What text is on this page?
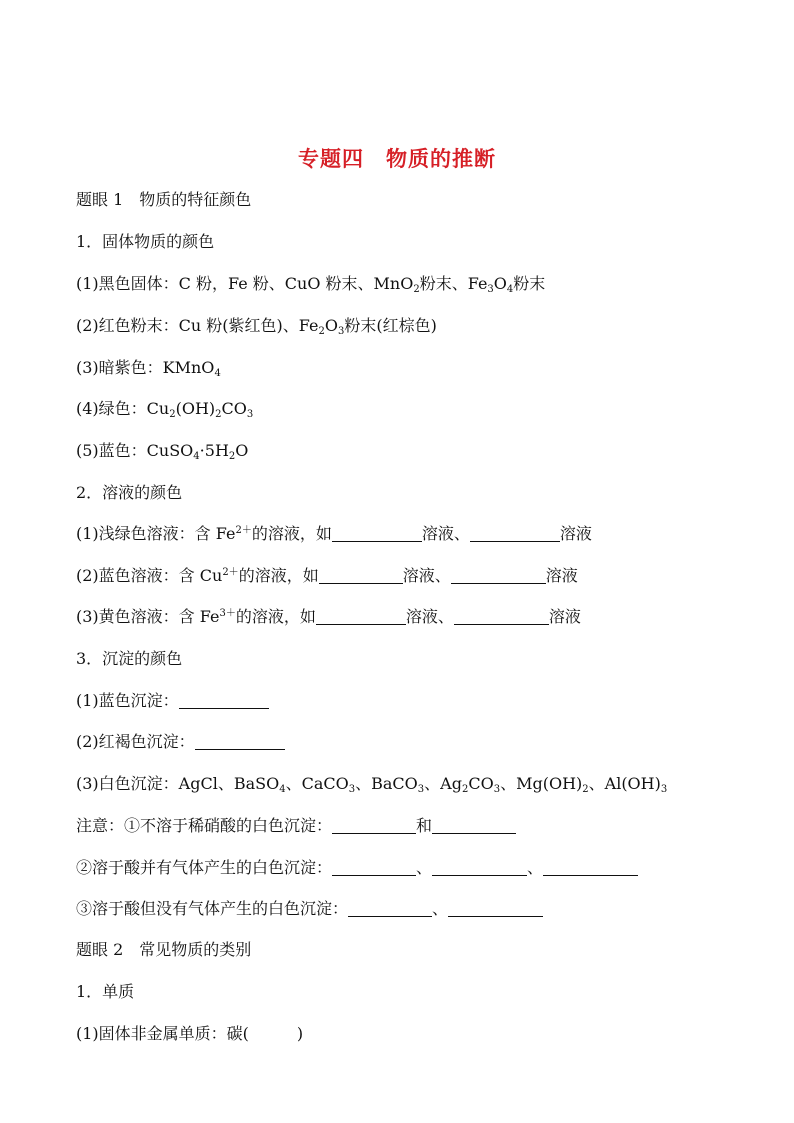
专题四　物质的推断
题眼 1　物质的特征颜色
1．固体物质的颜色
(1)黑色固体：C 粉，Fe 粉、CuO 粉末、MnO$_2$粉末、$Fe_3O_4$粉末
(2)红色粉末：Cu 粉(紫红色)、$Fe_2O_3$粉末(红棕色)
(3)暗紫色：KMnO$_4$
(4)绿色：$Cu_2(OH)_2CO_3$
(5)蓝色：$CuSO_4\cdot 5H_2O$
2．溶液的颜色
(1)浅绿色溶液：含 $Fe^{2+}$的溶液，如	溶液、	溶液
(2)蓝色溶液：含 $Cu^{2+}$的溶液，如	溶液、	溶液
(3)黄色溶液：含 $Fe^{3+}$的溶液，如	溶液、	溶液
3．沉淀的颜色
(1)蓝色沉淀：
(2)红褐色沉淀：
(3)白色沉淀：AgCl、BaSO$_4$、CaCO$_3$、BaCO$_3$、$Ag_2CO_3$、$Mg(OH)_2$、$Al(OH)_3$
注意：①不溶于稀硝酸的白色沉淀：	和
②溶于酸并有气体产生的白色沉淀：	、	、
③溶于酸但没有气体产生的白色沉淀：	、
题眼 2　常见物质的类别
1．单质
(1)固体非金属单质：碳(　　　)
